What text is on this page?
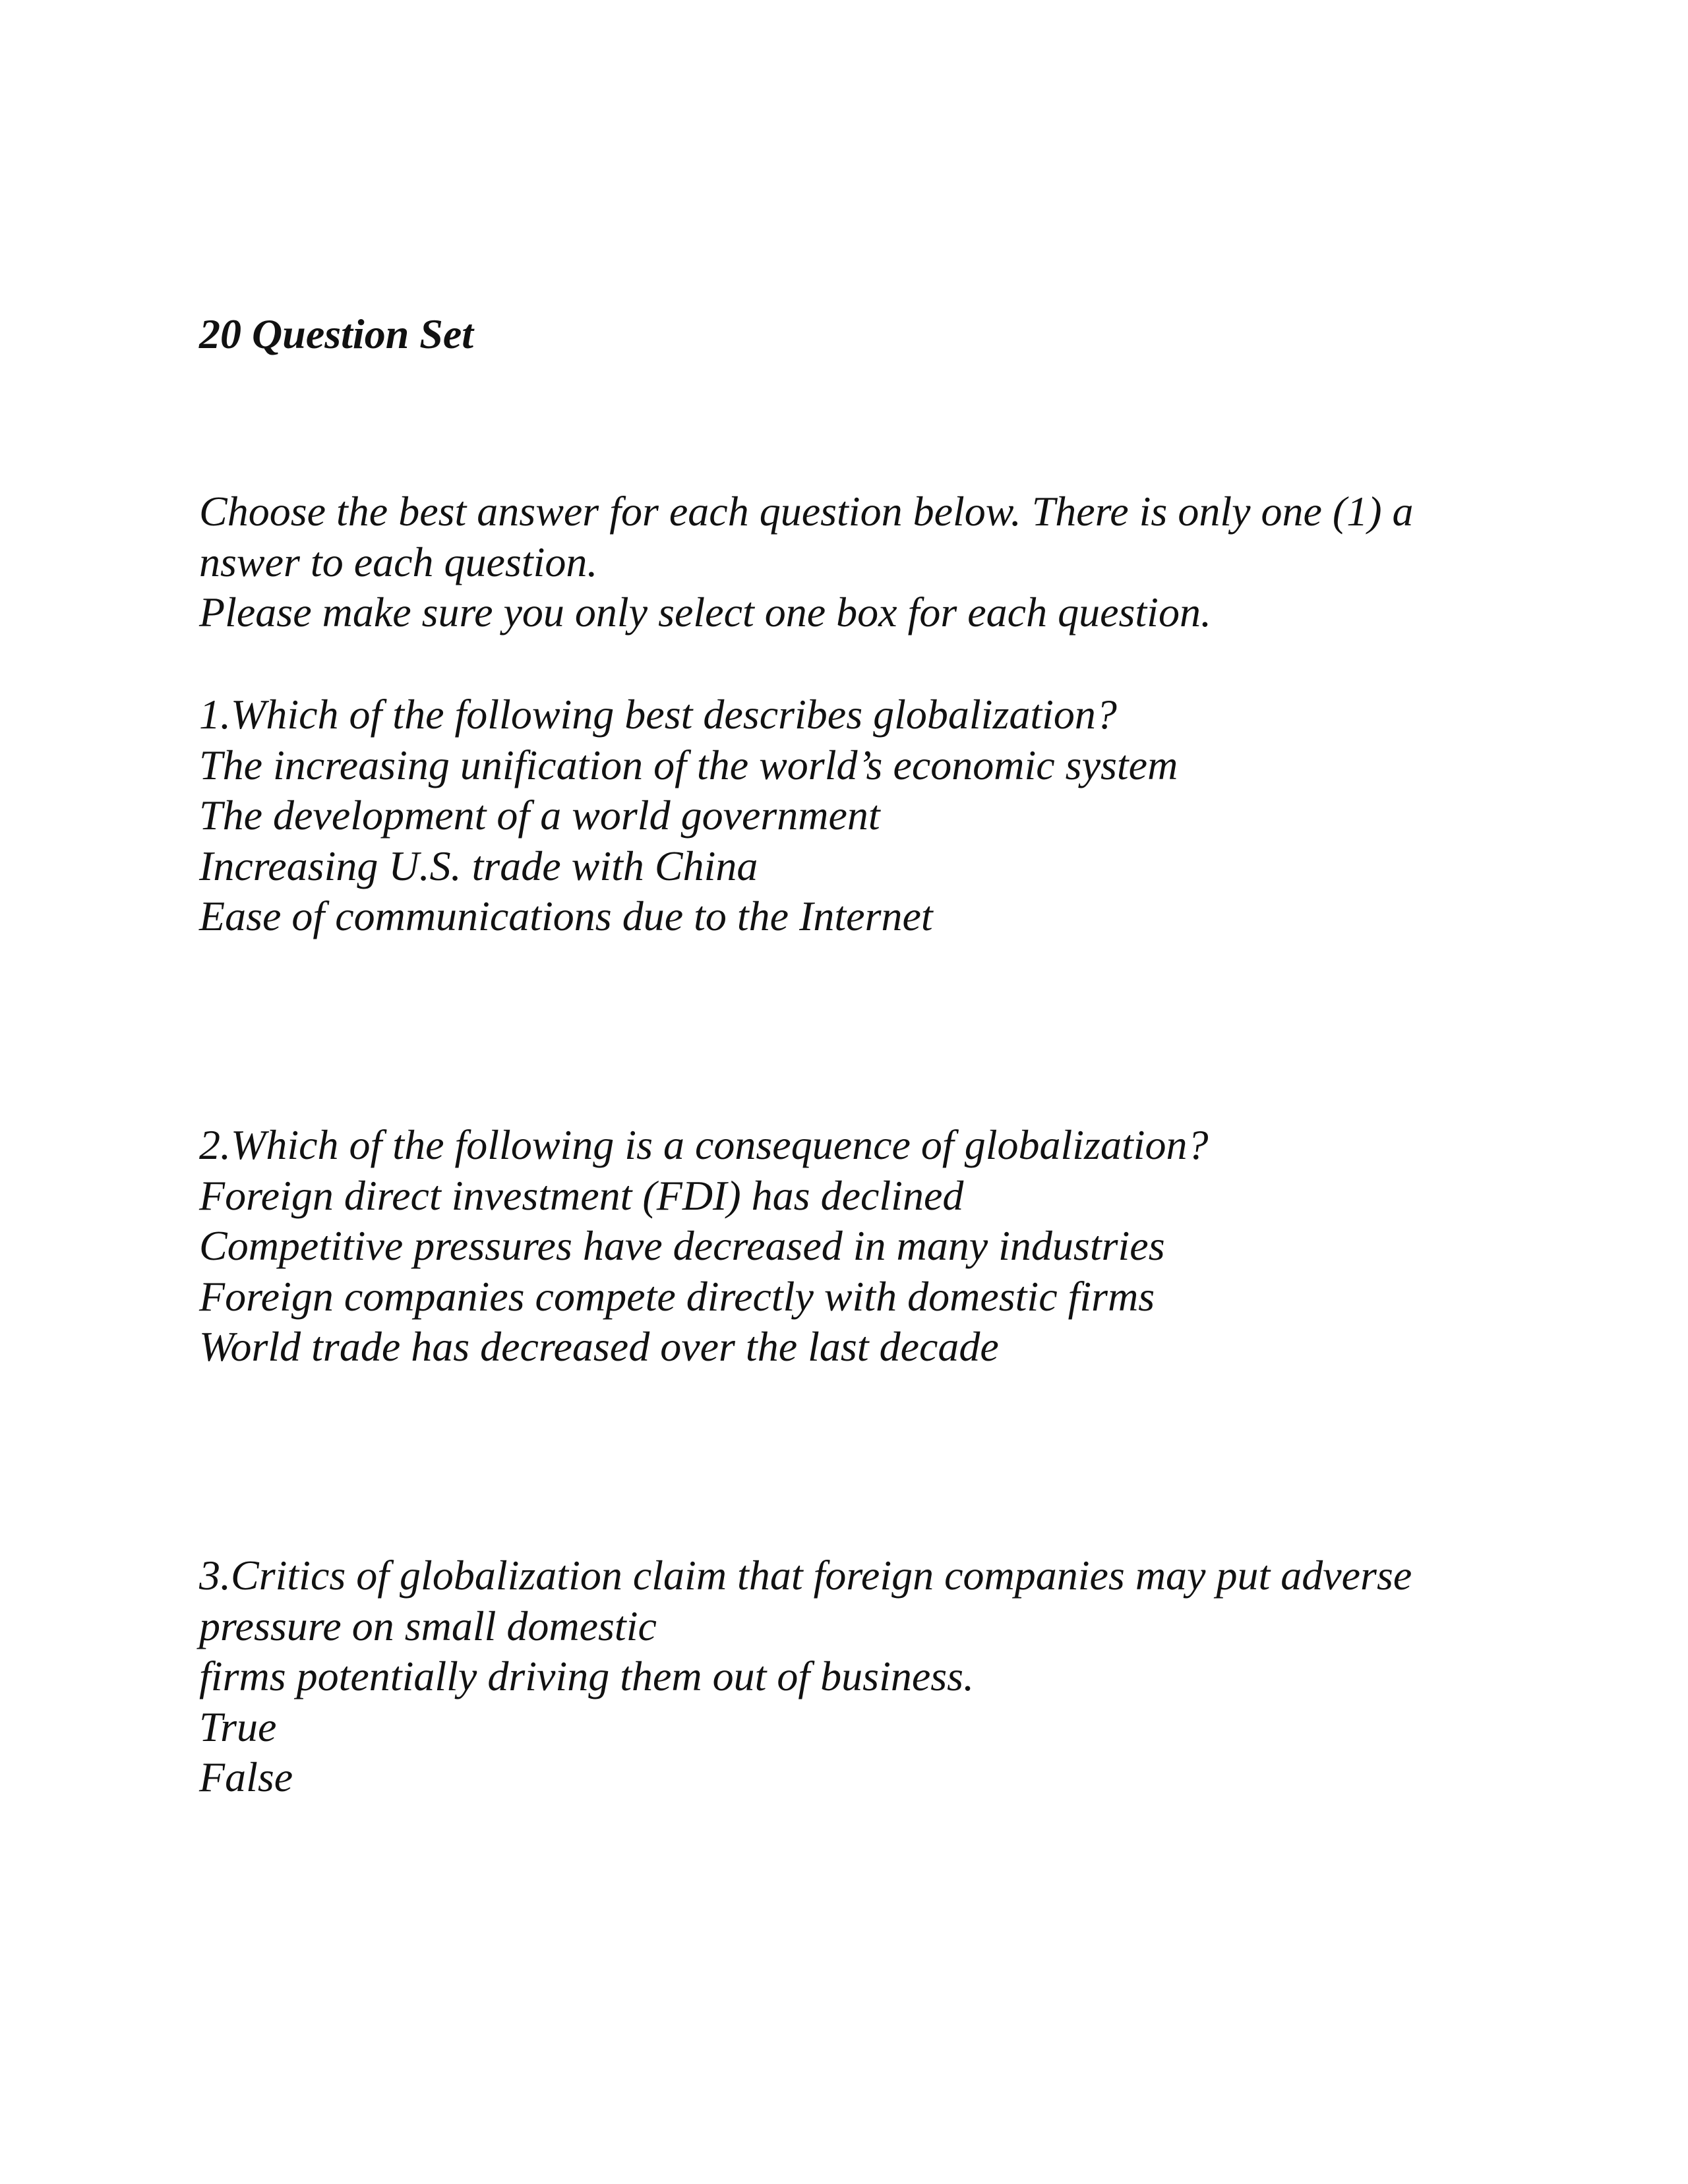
20 Question Set
Choose the best answer for each question below. There is only one (1) a
nswer to each question.
Please make sure you only select one box for each question.
1.Which of the following best describes globalization?
The increasing unification of the world’s economic system
The development of a world government
Increasing U.S. trade with China
Ease of communications due to the Internet
2.Which of the following is a consequence of globalization?
Foreign direct investment (FDI) has declined
Competitive pressures have decreased in many industries
Foreign companies compete directly with domestic firms
World trade has decreased over the last decade
3.Critics of globalization claim that foreign companies may put adverse
pressure on small domestic
firms potentially driving them out of business.
True
False
